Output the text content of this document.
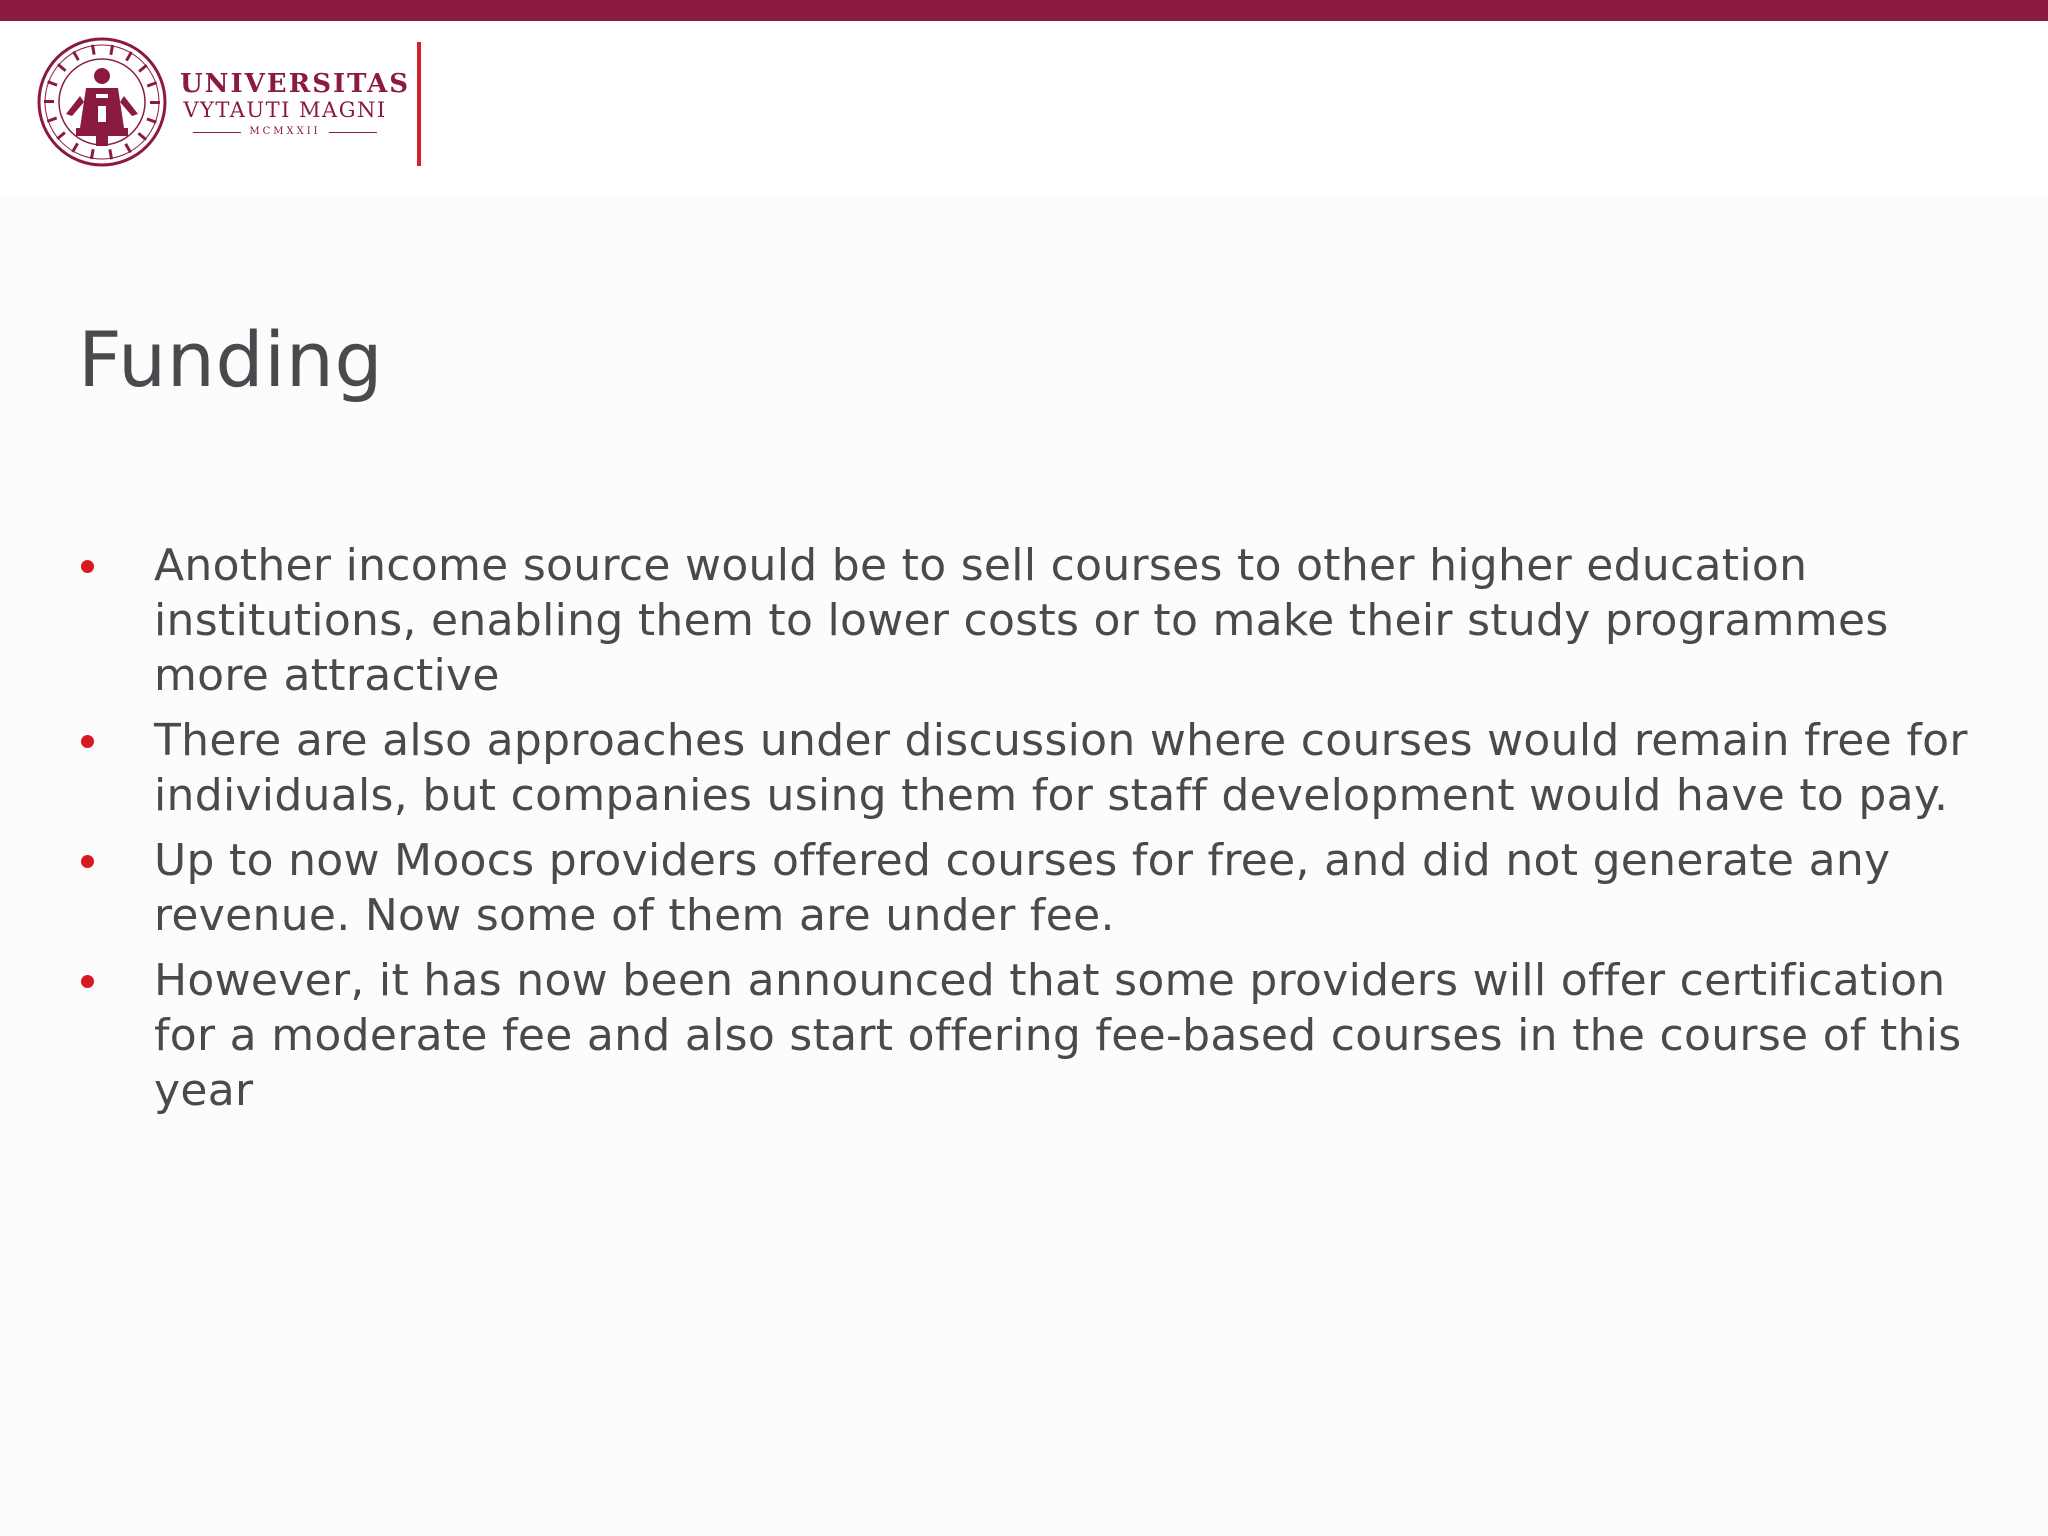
UNIVERSITAS
VYTAUTI MAGNI
MCMXXII
Funding
Another income source would be to sell courses to other higher education institutions, enabling them to lower costs or to make their study programmes more attractive
There are also approaches under discussion where courses would remain free for individuals, but companies using them for staff development would have to pay.
Up to now Moocs providers offered courses for free, and did not generate any revenue. Now some of them are under fee.
However, it has now been announced that some providers will offer certification for a moderate fee and also start offering fee-based courses in the course of this year
